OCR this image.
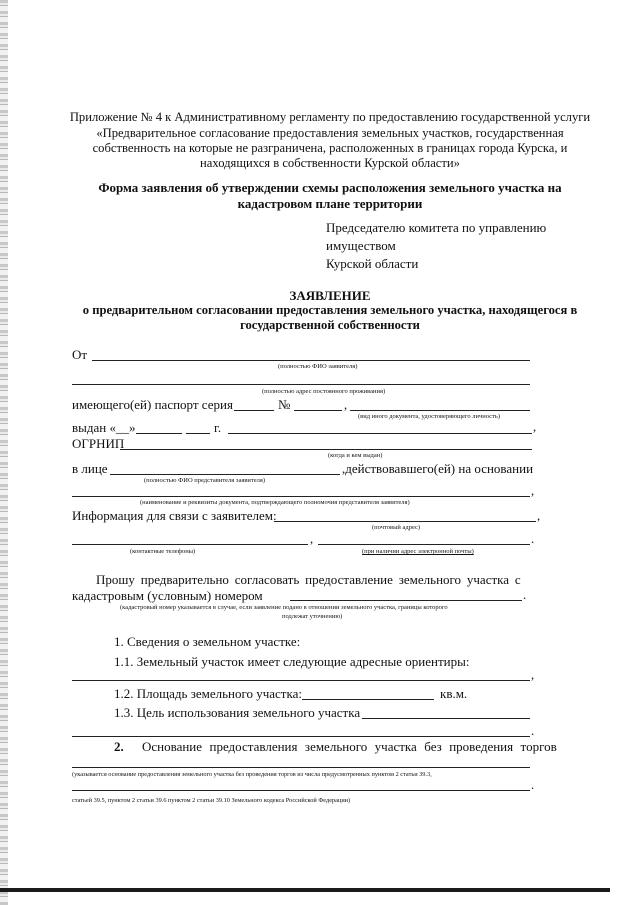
Приложение № 4 к Административному регламенту по предоставлению государственной услуги
«Предварительное согласование предоставления земельных участков, государственная
собственность на которые не разграничена, расположенных в границах города Курска, и
находящихся в собственности Курской области»
Форма заявления об утверждении схемы расположения земельного участка на
кадастровом плане территории
Председателю комитета по управлению
имуществом
Курской области
ЗАЯВЛЕНИЕ
о предварительном согласовании предоставления земельного участка, находящегося в
государственной собственности
От
(полностью ФИО заявителя)
(полностью адрес постоянного проживания)
имеющего(ей) паспорт серия	№	,
(вид иного документа, удостоверяющего личность)
выдан «__»	г.	,
ОГРНИП
(когда и кем выдан)
в лице	,действовавшего(ей) на основании
(полностью ФИО представителя заявителя)
,
(наименование и реквизиты документа, подтверждающего полномочия представителя заявителя)
Информация для связи с заявителем:	,
(почтовый адрес)
,	.
(контактные телефоны)	(при наличии адрес электронной почты)
Прошу предварительно согласовать предоставление земельного участка с
кадастровым (условным) номером	.
(кадастровый номер указывается в случае, если заявление подано в отношении земельного участка, границы которого
подлежат уточнению)
1. Сведения о земельном участке:
1.1. Земельный участок имеет следующие адресные ориентиры:
,
1.2. Площадь земельного участка:	кв.м.
1.3. Цель использования земельного участка
.
2. Основание предоставления земельного участка без проведения торгов
(указывается основание предоставления земельного участка без проведения торгов из числа предусмотренных пунктом 2 статьи 39.3,
.
статьей 39.5, пунктом 2 статьи 39.6 пунктом 2 статьи 39.10 Земельного кодекса Российской Федерации)
